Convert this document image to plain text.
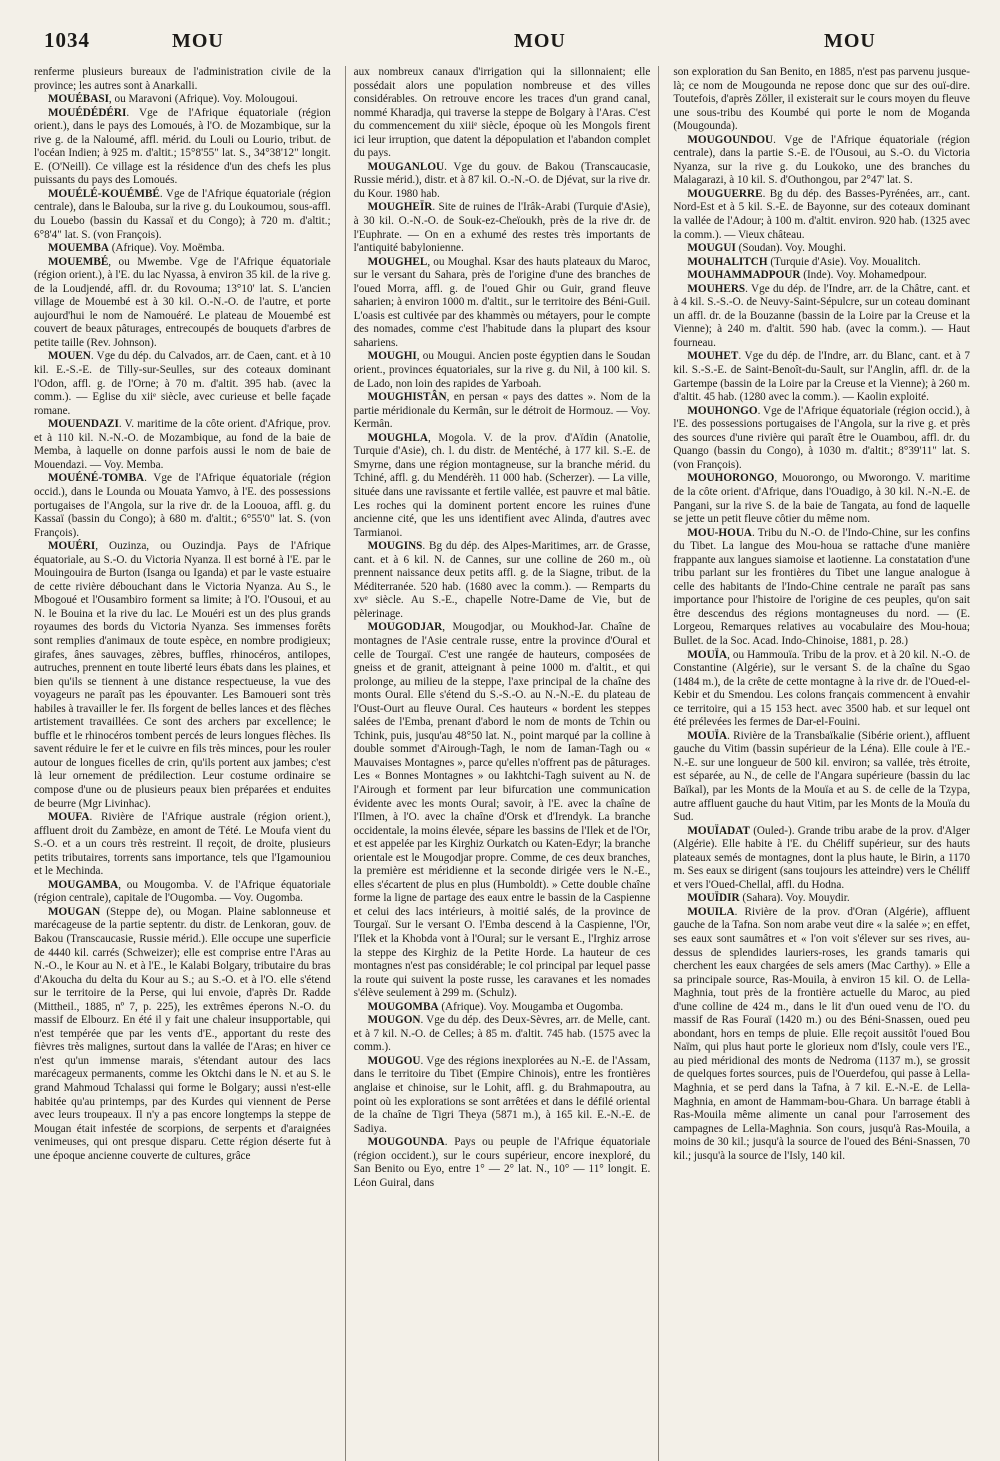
1034	MOU	MOU	MOU

renferme plusieurs bureaux de l'administration civile de la province; les autres sont à Anarkalli.

MOUÉBASI, ou Maravoni (Afrique). Voy. Molougoui.

MOUÉDÉDÉRI. Vge de l'Afrique équatoriale (région orient.), dans le pays des Lomoués, à l'O. de Mozambique, sur la rive g. de la Naloumé, affl. mérid. du Louli ou Lourio, tribut. de l'océan Indien; à 925 m. d'altit.; 15°8'55" lat. S., 34°38'12" longit. E. (O'Neill). Ce village est la résidence d'un des chefs les plus puissants du pays des Lomoués.

MOUÉLÉ-KOUÉMBÉ. Vge de l'Afrique équatoriale (région centrale), dans le Balouba, sur la rive g. du Loukoumou, sous-affl. du Louebo (bassin du Kassaï et du Congo); à 720 m. d'altit.; 6°8'4" lat. S. (von François).

MOUEMBA (Afrique). Voy. Moëmba.

MOUEMBÉ, ou Mwembe. Vge de l'Afrique équatoriale (région orient.), à l'E. du lac Nyassa, à environ 35 kil. de la rive g. de la Loudjendé, affl. dr. du Rovouma; 13°10' lat. S. L'ancien village de Mouembé est à 30 kil. O.-N.-O. de l'autre, et porte aujourd'hui le nom de Namouéré. Le plateau de Mouembé est couvert de beaux pâturages, entrecoupés de bouquets d'arbres de petite taille (Rev. Johnson).

MOUEN. Vge du dép. du Calvados, arr. de Caen, cant. et à 10 kil. E.-S.-E. de Tilly-sur-Seulles, sur des coteaux dominant l'Odon, affl. g. de l'Orne; à 70 m. d'altit. 395 hab. (avec la comm.). — Eglise du xiiᵉ siècle, avec curieuse et belle façade romane.

MOUENDAZI. V. maritime de la côte orient. d'Afrique, prov. et à 110 kil. N.-N.-O. de Mozambique, au fond de la baie de Memba, à laquelle on donne parfois aussi le nom de baie de Mouendazi. — Voy. Memba.

MOUÉNÉ-TOMBA. Vge de l'Afrique équatoriale (région occid.), dans le Lounda ou Mouata Yamvo, à l'E. des possessions portugaises de l'Angola, sur la rive dr. de la Loouoa, affl. g. du Kassaï (bassin du Congo); à 680 m. d'altit.; 6°55'0" lat. S. (von François).

MOUÉRI, Ouzinza, ou Ouzindja. Pays de l'Afrique équatoriale, au S.-O. du Victoria Nyanza. Il est borné à l'E. par le Mouingouira de Burton (Isanga ou Iganda) et par le vaste estuaire de cette rivière débouchant dans le Victoria Nyanza. Au S., le Mbogoué et l'Ousambiro forment sa limite; à l'O. l'Ousoui, et au N. le Bouina et la rive du lac. Le Mouéri est un des plus grands royaumes des bords du Victoria Nyanza. Ses immenses forêts sont remplies d'animaux de toute espèce, en nombre prodigieux; girafes, ânes sauvages, zèbres, buffles, rhinocéros, antilopes, autruches, prennent en toute liberté leurs ébats dans les plaines, et bien qu'ils se tiennent à une distance respectueuse, la vue des voyageurs ne paraît pas les épouvanter. Les Bamoueri sont très habiles à travailler le fer. Ils forgent de belles lances et des flèches artistement travaillées. Ce sont des archers par excellence; le buffle et le rhinocéros tombent percés de leurs longues flèches. Ils savent réduire le fer et le cuivre en fils très minces, pour les rouler autour de longues ficelles de crin, qu'ils portent aux jambes; c'est là leur ornement de prédilection. Leur costume ordinaire se compose d'une ou de plusieurs peaux bien préparées et enduites de beurre (Mgr Livinhac).

MOUFA. Rivière de l'Afrique australe (région orient.), affluent droit du Zambèze, en amont de Tété. Le Moufa vient du S.-O. et a un cours très restreint. Il reçoit, de droite, plusieurs petits tributaires, torrents sans importance, tels que l'Igamouniou et le Mechinda.

MOUGAMBA, ou Mougomba. V. de l'Afrique équatoriale (région centrale), capitale de l'Ougomba. — Voy. Ougomba.

MOUGAN (Steppe de), ou Mogan. Plaine sablonneuse et marécageuse de la partie septentr. du distr. de Lenkoran, gouv. de Bakou (Transcaucasie, Russie mérid.). Elle occupe une superficie de 4440 kil. carrés (Schweizer); elle est comprise entre l'Aras au N.-O., le Kour au N. et à l'E., le Kalabi Bolgary, tributaire du bras d'Akoucha du delta du Kour au S.; au S.-O. et à l'O. elle s'étend sur le territoire de la Perse, qui lui envoie, d'après Dr. Radde (Mittheil., 1885, nº 7, p. 225), les extrêmes éperons N.-O. du massif de Elbourz. En été il y fait une chaleur insupportable, qui n'est tempérée que par les vents d'E., apportant du reste des fièvres très malignes, surtout dans la vallée de l'Aras; en hiver ce n'est qu'un immense marais, s'étendant autour des lacs marécageux permanents, comme les Oktchi dans le N. et au S. le grand Mahmoud Tchalassi qui forme le Bolgary; aussi n'est-elle habitée qu'au printemps, par des Kurdes qui viennent de Perse avec leurs troupeaux. Il n'y a pas encore longtemps la steppe de Mougan était infestée de scorpions, de serpents et d'araignées venimeuses, qui ont presque disparu. Cette région déserte fut à une époque ancienne couverte de cultures, grâce

aux nombreux canaux d'irrigation qui la sillonnaient; elle possédait alors une population nombreuse et des villes considérables. On retrouve encore les traces d'un grand canal, nommé Kharadja, qui traverse la steppe de Bolgary à l'Aras. C'est du commencement du xiiiᵉ siècle, époque où les Mongols firent ici leur irruption, que datent la dépopulation et l'abandon complet du pays.

MOUGANLOU. Vge du gouv. de Bakou (Transcaucasie, Russie mérid.), distr. et à 87 kil. O.-N.-O. de Djévat, sur la rive dr. du Kour. 1980 hab.

MOUGHEÏR. Site de ruines de l'Irâk-Arabi (Turquie d'Asie), à 30 kil. O.-N.-O. de Souk-ez-Cheïoukh, près de la rive dr. de l'Euphrate. — On en a exhumé des restes très importants de l'antiquité babylonienne.

MOUGHEL, ou Moughal. Ksar des hauts plateaux du Maroc, sur le versant du Sahara, près de l'origine d'une des branches de l'oued Morra, affl. g. de l'oued Ghir ou Guir, grand fleuve saharien; à environ 1000 m. d'altit., sur le territoire des Béni-Guil. L'oasis est cultivée par des khammès ou métayers, pour le compte des nomades, comme c'est l'habitude dans la plupart des ksour sahariens.

MOUGHI, ou Mougui. Ancien poste égyptien dans le Soudan orient., provinces équatoriales, sur la rive g. du Nil, à 100 kil. S. de Lado, non loin des rapides de Yarboah.

MOUGHISTÂN, en persan « pays des dattes ». Nom de la partie méridionale du Kermân, sur le détroit de Hormouz. — Voy. Kermân.

MOUGHLA, Mogola. V. de la prov. d'Aïdin (Anatolie, Turquie d'Asie), ch. l. du distr. de Mentéché, à 177 kil. S.-E. de Smyrne, dans une région montagneuse, sur la branche mérid. du Tchiné, affl. g. du Mendérèh. 11 000 hab. (Scherzer). — La ville, située dans une ravissante et fertile vallée, est pauvre et mal bâtie. Les roches qui la dominent portent encore les ruines d'une ancienne cité, que les uns identifient avec Alinda, d'autres avec Tarmianoi.

MOUGINS. Bg du dép. des Alpes-Maritimes, arr. de Grasse, cant. et à 6 kil. N. de Cannes, sur une colline de 260 m., où prennent naissance deux petits affl. g. de la Siagne, tribut. de la Méditerranée. 520 hab. (1680 avec la comm.). — Remparts du xvᵉ siècle. Au S.-E., chapelle Notre-Dame de Vie, but de pèlerinage.

MOUGODJAR, Mougodjar, ou Moukhod-Jar. Chaîne de montagnes de l'Asie centrale russe, entre la province d'Oural et celle de Tourgaï. C'est une rangée de hauteurs, composées de gneiss et de granit, atteignant à peine 1000 m. d'altit., et qui prolonge, au milieu de la steppe, l'axe principal de la chaîne des monts Oural. Elle s'étend du S.-S.-O. au N.-N.-E. du plateau de l'Oust-Ourt au fleuve Oural. Ces hauteurs « bordent les steppes salées de l'Emba, prenant d'abord le nom de monts de Tchin ou Tchink, puis, jusqu'au 48°50 lat. N., point marqué par la colline à double sommet d'Airough-Tagh, le nom de Iaman-Tagh ou « Mauvaises Montagnes », parce qu'elles n'offrent pas de pâturages. Les « Bonnes Montagnes » ou Iakhtchi-Tagh suivent au N. de l'Airough et forment par leur bifurcation une communication évidente avec les monts Oural; savoir, à l'E. avec la chaîne de l'Ilmen, à l'O. avec la chaîne d'Orsk et d'Irendyk. La branche occidentale, la moins élevée, sépare les bassins de l'Ilek et de l'Or, et est appelée par les Kirghiz Ourkatch ou Katen-Edyr; la branche orientale est le Mougodjar propre. Comme, de ces deux branches, la première est méridienne et la seconde dirigée vers le N.-E., elles s'écartent de plus en plus (Humboldt). » Cette double chaîne forme la ligne de partage des eaux entre le bassin de la Caspienne et celui des lacs intérieurs, à moitié salés, de la province de Tourgaï. Sur le versant O. l'Emba descend à la Caspienne, l'Or, l'Ilek et la Khobda vont à l'Oural; sur le versant E., l'Irghiz arrose la steppe des Kirghiz de la Petite Horde. La hauteur de ces montagnes n'est pas considérable; le col principal par lequel passe la route qui suivent la poste russe, les caravanes et les nomades s'élève seulement à 299 m. (Schulz).

MOUGOMBA (Afrique). Voy. Mougamba et Ougomba.

MOUGON. Vge du dép. des Deux-Sèvres, arr. de Melle, cant. et à 7 kil. N.-O. de Celles; à 85 m. d'altit. 745 hab. (1575 avec la comm.).

MOUGOU. Vge des régions inexplorées au N.-E. de l'Assam, dans le territoire du Tibet (Empire Chinois), entre les frontières anglaise et chinoise, sur le Lohit, affl. g. du Brahmapoutra, au point où les explorations se sont arrêtées et dans le défilé oriental de la chaîne de Tigri Theya (5871 m.), à 165 kil. E.-N.-E. de Sadiya.

MOUGOUNDA. Pays ou peuple de l'Afrique équatoriale (région occident.), sur le cours supérieur, encore inexploré, du San Benito ou Eyo, entre 1° — 2° lat. N., 10° — 11° longit. E. Léon Guiral, dans

son exploration du San Benito, en 1885, n'est pas parvenu jusque-là; ce nom de Mougounda ne repose donc que sur des ouï-dire. Toutefois, d'après Zöller, il existerait sur le cours moyen du fleuve une sous-tribu des Koumbé qui porte le nom de Moganda (Mougounda).

MOUGOUNDOU. Vge de l'Afrique équatoriale (région centrale), dans la partie S.-E. de l'Ousoui, au S.-O. du Victoria Nyanza, sur la rive g. du Loukoko, une des branches du Malagarazi, à 10 kil. S. d'Outhongou, par 2°47' lat. S.

MOUGUERRE. Bg du dép. des Basses-Pyrénées, arr., cant. Nord-Est et à 5 kil. S.-E. de Bayonne, sur des coteaux dominant la vallée de l'Adour; à 100 m. d'altit. environ. 920 hab. (1325 avec la comm.). — Vieux château.

MOUGUI (Soudan). Voy. Moughi.

MOUHALITCH (Turquie d'Asie). Voy. Moualitch.

MOUHAMMADPOUR (Inde). Voy. Mohamedpour.

MOUHERS. Vge du dép. de l'Indre, arr. de la Châtre, cant. et à 4 kil. S.-S.-O. de Neuvy-Saint-Sépulcre, sur un coteau dominant un affl. dr. de la Bouzanne (bassin de la Loire par la Creuse et la Vienne); à 240 m. d'altit. 590 hab. (avec la comm.). — Haut fourneau.

MOUHET. Vge du dép. de l'Indre, arr. du Blanc, cant. et à 7 kil. S.-S.-E. de Saint-Benoît-du-Sault, sur l'Anglin, affl. dr. de la Gartempe (bassin de la Loire par la Creuse et la Vienne); à 260 m. d'altit. 45 hab. (1280 avec la comm.). — Kaolin exploité.

MOUHONGO. Vge de l'Afrique équatoriale (région occid.), à l'E. des possessions portugaises de l'Angola, sur la rive g. et près des sources d'une rivière qui paraît être le Ouambou, affl. dr. du Quango (bassin du Congo), à 1030 m. d'altit.; 8°39'11" lat. S. (von François).

MOUHORONGO, Mouorongo, ou Mworongo. V. maritime de la côte orient. d'Afrique, dans l'Ouadigo, à 30 kil. N.-N.-E. de Pangani, sur la rive S. de la baie de Tangata, au fond de laquelle se jette un petit fleuve côtier du même nom.

MOU-HOUA. Tribu du N.-O. de l'Indo-Chine, sur les confins du Tibet. La langue des Mou-houa se rattache d'une manière frappante aux langues siamoise et laotienne. La constatation d'une tribu parlant sur les frontières du Tibet une langue analogue à celle des habitants de l'Indo-Chine centrale ne paraît pas sans importance pour l'histoire de l'origine de ces peuples, qu'on sait être descendus des régions montagneuses du nord. — (E. Lorgeou, Remarques relatives au vocabulaire des Mou-houa; Bullet. de la Soc. Acad. Indo-Chinoise, 1881, p. 28.)

MOUÏA, ou Hammouïa. Tribu de la prov. et à 20 kil. N.-O. de Constantine (Algérie), sur le versant S. de la chaîne du Sgao (1484 m.), de la crête de cette montagne à la rive dr. de l'Oued-el-Kebir et du Smendou. Les colons français commencent à envahir ce territoire, qui a 15 153 hect. avec 3500 hab. et sur lequel ont été prélevées les fermes de Dar-el-Fouini.

MOUÏA. Rivière de la Transbaïkalie (Sibérie orient.), affluent gauche du Vitim (bassin supérieur de la Léna). Elle coule à l'E.-N.-E. sur une longueur de 500 kil. environ; sa vallée, très étroite, est séparée, au N., de celle de l'Angara supérieure (bassin du lac Baïkal), par les Monts de la Mouïa et au S. de celle de la Tzypa, autre affluent gauche du haut Vitim, par les Monts de la Mouïa du Sud.

MOUÏADAT (Ouled-). Grande tribu arabe de la prov. d'Alger (Algérie). Elle habite à l'E. du Chéliff supérieur, sur des hauts plateaux semés de montagnes, dont la plus haute, le Birin, a 1170 m. Ses eaux se dirigent (sans toujours les atteindre) vers le Chéliff et vers l'Oued-Chellal, affl. du Hodna.

MOUÏDIR (Sahara). Voy. Mouydir.

MOUILA. Rivière de la prov. d'Oran (Algérie), affluent gauche de la Tafna. Son nom arabe veut dire « la salée »; en effet, ses eaux sont saumâtres et « l'on voit s'élever sur ses rives, au-dessus de splendides lauriers-roses, les grands tamaris qui cherchent les eaux chargées de sels amers (Mac Carthy). » Elle a sa principale source, Ras-Mouila, à environ 15 kil. O. de Lella-Maghnia, tout près de la frontière actuelle du Maroc, au pied d'une colline de 424 m., dans le lit d'un oued venu de l'O. du massif de Ras Fouraï (1420 m.) ou des Béni-Snassen, oued peu abondant, hors en temps de pluie. Elle reçoit aussitôt l'oued Bou Naïm, qui plus haut porte le glorieux nom d'Isly, coule vers l'E., au pied méridional des monts de Nedroma (1137 m.), se grossit de quelques fortes sources, puis de l'Ouerdefou, qui passe à Lella-Maghnia, et se perd dans la Tafna, à 7 kil. E.-N.-E. de Lella-Maghnia, en amont de Hammam-bou-Ghara. Un barrage établi à Ras-Mouila même alimente un canal pour l'arrosement des campagnes de Lella-Maghnia. Son cours, jusqu'à Ras-Mouila, a moins de 30 kil.; jusqu'à la source de l'oued des Béni-Snassen, 70 kil.; jusqu'à la source de l'Isly, 140 kil.
